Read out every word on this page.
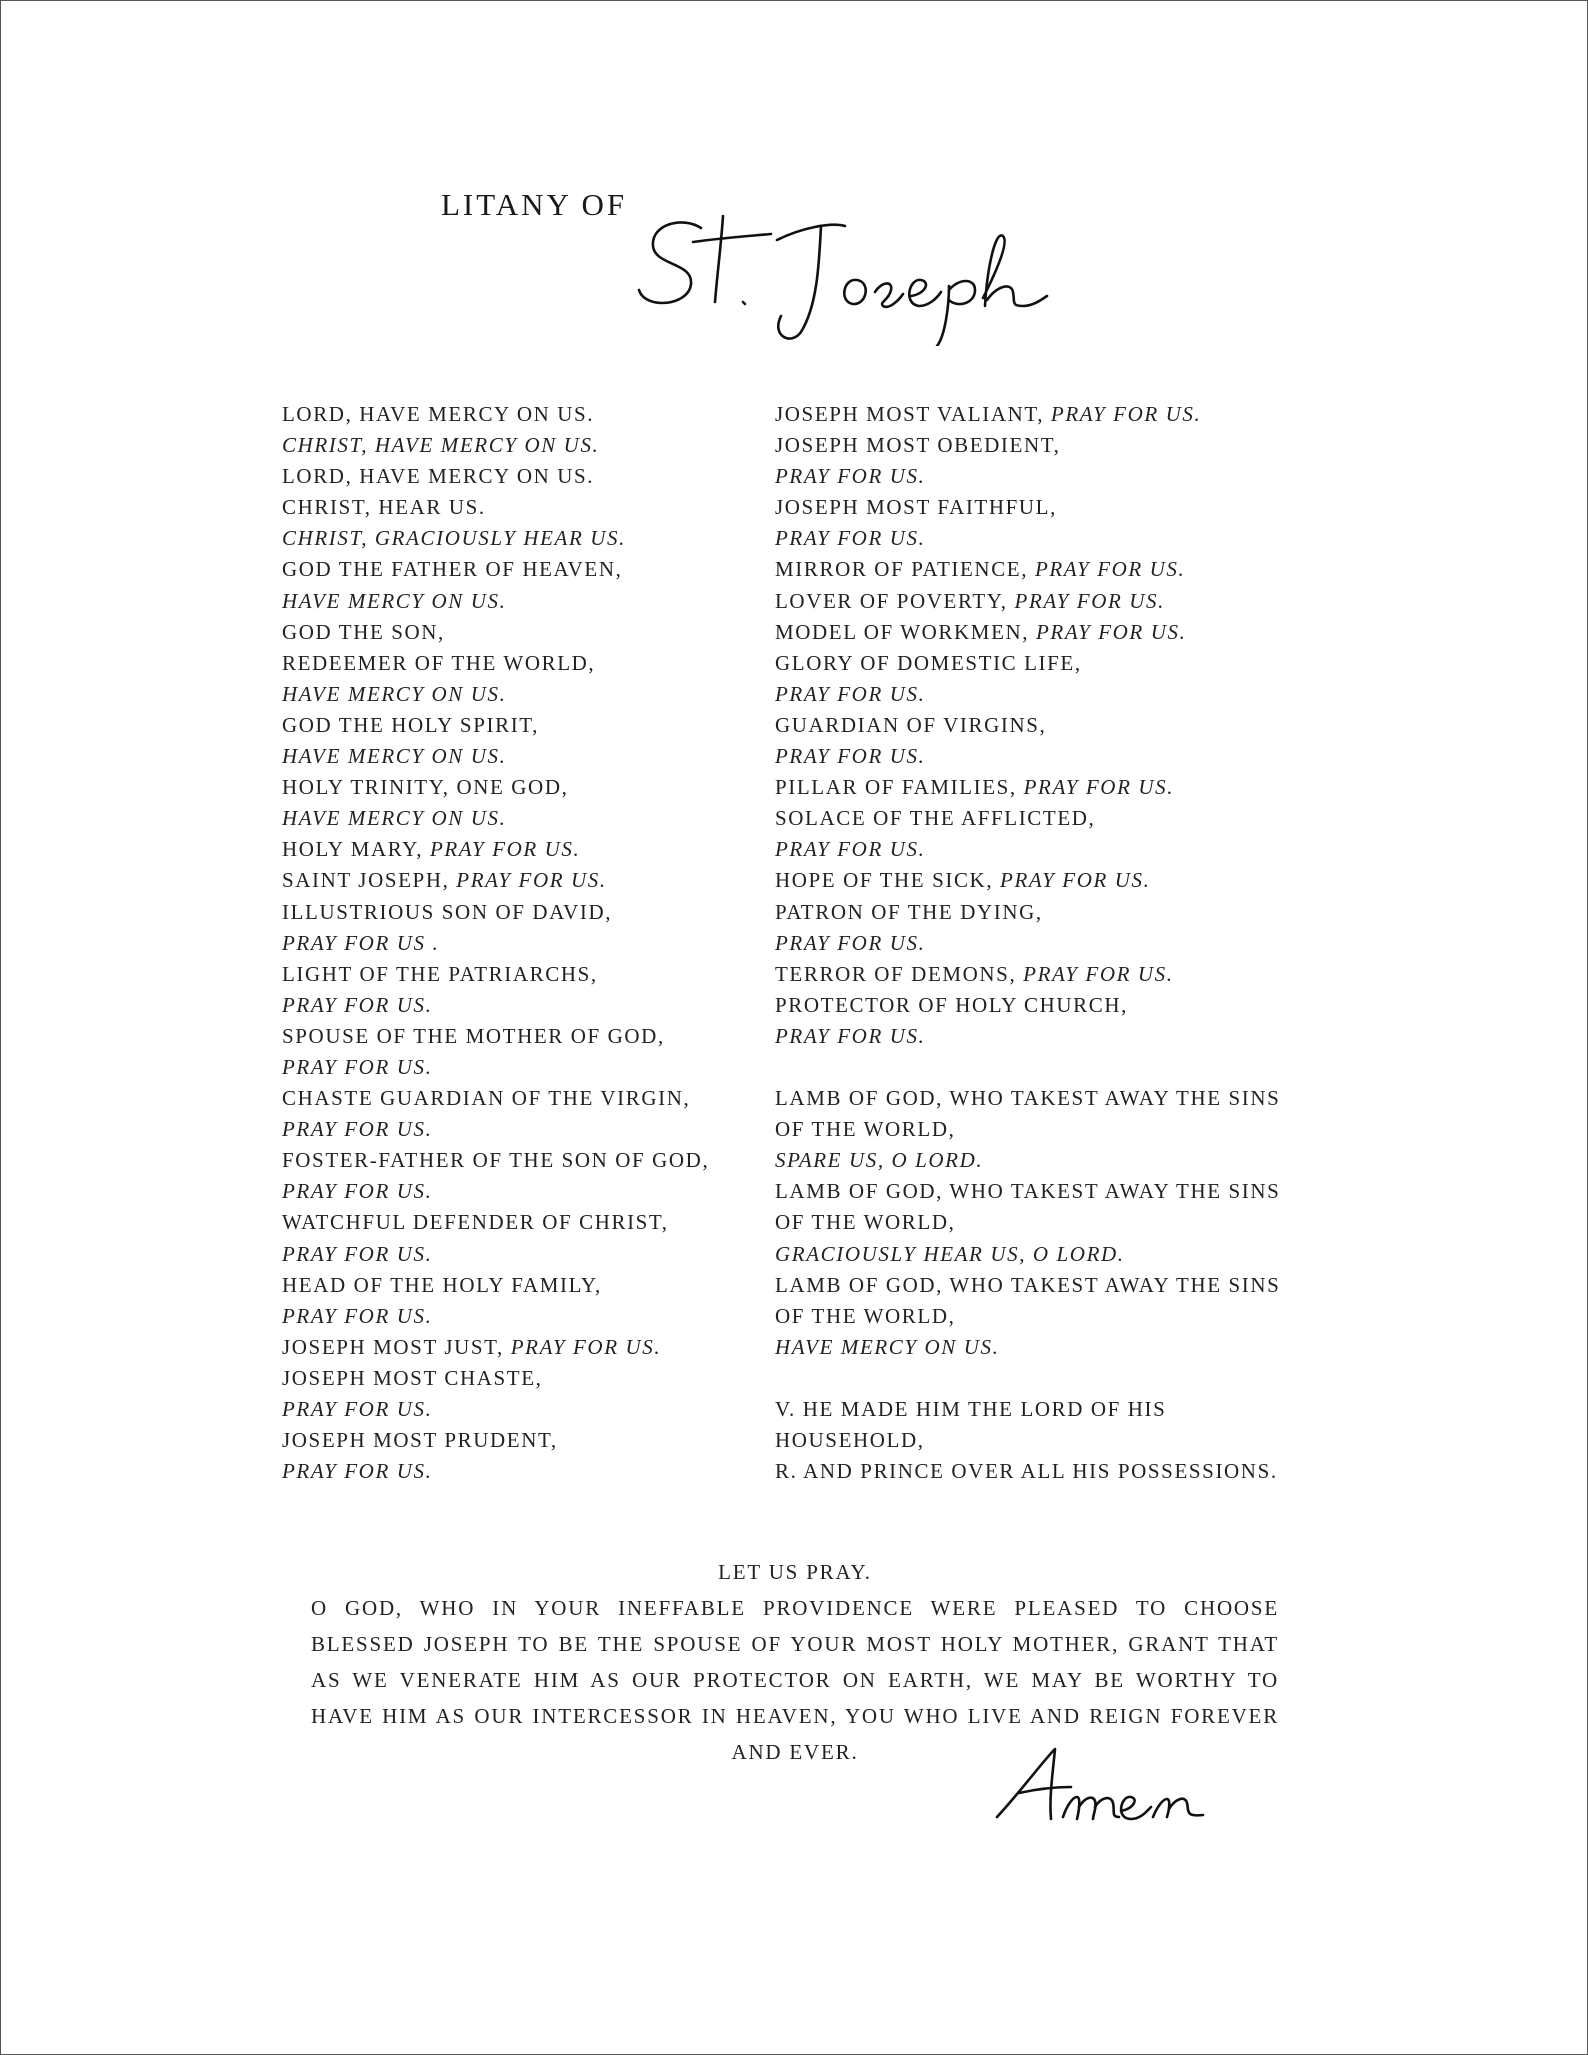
LITANY OF
LORD, HAVE MERCY ON US.
CHRIST, HAVE MERCY ON US.
LORD, HAVE MERCY ON US.
CHRIST, HEAR US.
CHRIST, GRACIOUSLY HEAR US.
GOD THE FATHER OF HEAVEN,
HAVE MERCY ON US.
GOD THE SON,
REDEEMER OF THE WORLD,
HAVE MERCY ON US.
GOD THE HOLY SPIRIT,
HAVE MERCY ON US.
HOLY TRINITY, ONE GOD,
HAVE MERCY ON US.
HOLY MARY, PRAY FOR US.
SAINT JOSEPH, PRAY FOR US.
ILLUSTRIOUS SON OF DAVID,
PRAY FOR US .
LIGHT OF THE PATRIARCHS,
PRAY FOR US.
SPOUSE OF THE MOTHER OF GOD,
PRAY FOR US.
CHASTE GUARDIAN OF THE VIRGIN,
PRAY FOR US.
FOSTER-FATHER OF THE SON OF GOD,
PRAY FOR US.
WATCHFUL DEFENDER OF CHRIST,
PRAY FOR US.
HEAD OF THE HOLY FAMILY,
PRAY FOR US.
JOSEPH MOST JUST, PRAY FOR US.
JOSEPH MOST CHASTE,
PRAY FOR US.
JOSEPH MOST PRUDENT,
PRAY FOR US.
JOSEPH MOST VALIANT, PRAY FOR US.
JOSEPH MOST OBEDIENT,
PRAY FOR US.
JOSEPH MOST FAITHFUL,
PRAY FOR US.
MIRROR OF PATIENCE, PRAY FOR US.
LOVER OF POVERTY, PRAY FOR US.
MODEL OF WORKMEN, PRAY FOR US.
GLORY OF DOMESTIC LIFE,
PRAY FOR US.
GUARDIAN OF VIRGINS,
PRAY FOR US.
PILLAR OF FAMILIES, PRAY FOR US.
SOLACE OF THE AFFLICTED,
PRAY FOR US.
HOPE OF THE SICK, PRAY FOR US.
PATRON OF THE DYING,
PRAY FOR US.
TERROR OF DEMONS, PRAY FOR US.
PROTECTOR OF HOLY CHURCH,
PRAY FOR US.
LAMB OF GOD, WHO TAKEST AWAY THE SINS
OF THE WORLD,
SPARE US, O LORD.
LAMB OF GOD, WHO TAKEST AWAY THE SINS
OF THE WORLD,
GRACIOUSLY HEAR US, O LORD.
LAMB OF GOD, WHO TAKEST AWAY THE SINS
OF THE WORLD,
HAVE MERCY ON US.
V. HE MADE HIM THE LORD OF HIS
HOUSEHOLD,
R. AND PRINCE OVER ALL HIS POSSESSIONS.
LET US PRAY.
O GOD, WHO IN YOUR INEFFABLE PROVIDENCE WERE PLEASED TO CHOOSE BLESSED JOSEPH TO BE THE SPOUSE OF YOUR MOST HOLY MOTHER, GRANT THAT AS WE VENERATE HIM AS OUR PROTECTOR ON EARTH, WE MAY BE WORTHY TO HAVE HIM AS OUR INTERCESSOR IN HEAVEN, YOU WHO LIVE AND REIGN FOREVER AND EVER.
